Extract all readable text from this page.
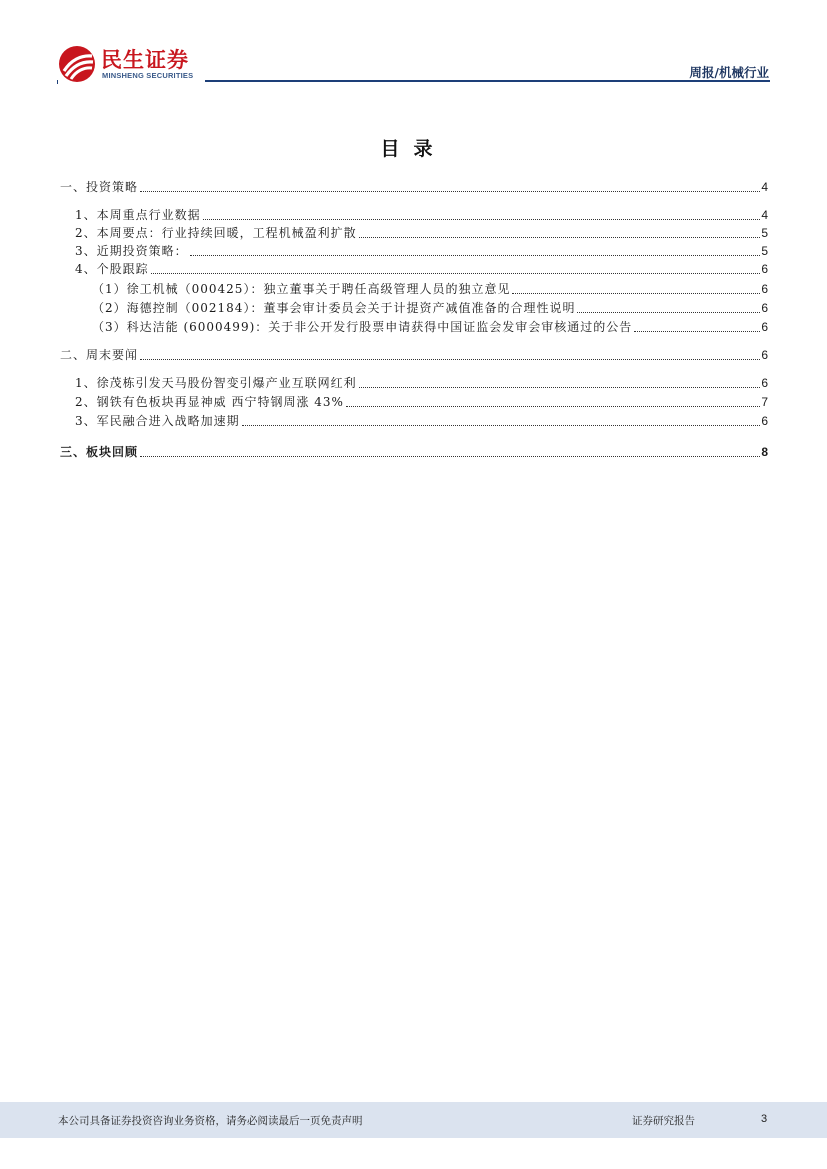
民生证券
MINSHENG SECURITIES	周报/机械行业
目录
一、投资策略	4
1、本周重点行业数据	4
2、本周要点：行业持续回暖，工程机械盈利扩散	5
3、近期投资策略：	5
4、个股跟踪	6
（1）徐工机械（000425）：独立董事关于聘任高级管理人员的独立意见	6
（2）海德控制（002184）：董事会审计委员会关于计提资产减值准备的合理性说明	6
（3）科达洁能 (6000499)：关于非公开发行股票申请获得中国证监会发审会审核通过的公告	6
二、周末要闻	6
1、徐茂栋引发天马股份智变引爆产业互联网红利	6
2、钢铁有色板块再显神威 西宁特钢周涨 43%	7
3、军民融合进入战略加速期	6
三、板块回顾	8
本公司具备证券投资咨询业务资格，请务必阅读最后一页免责声明	证券研究报告	3
